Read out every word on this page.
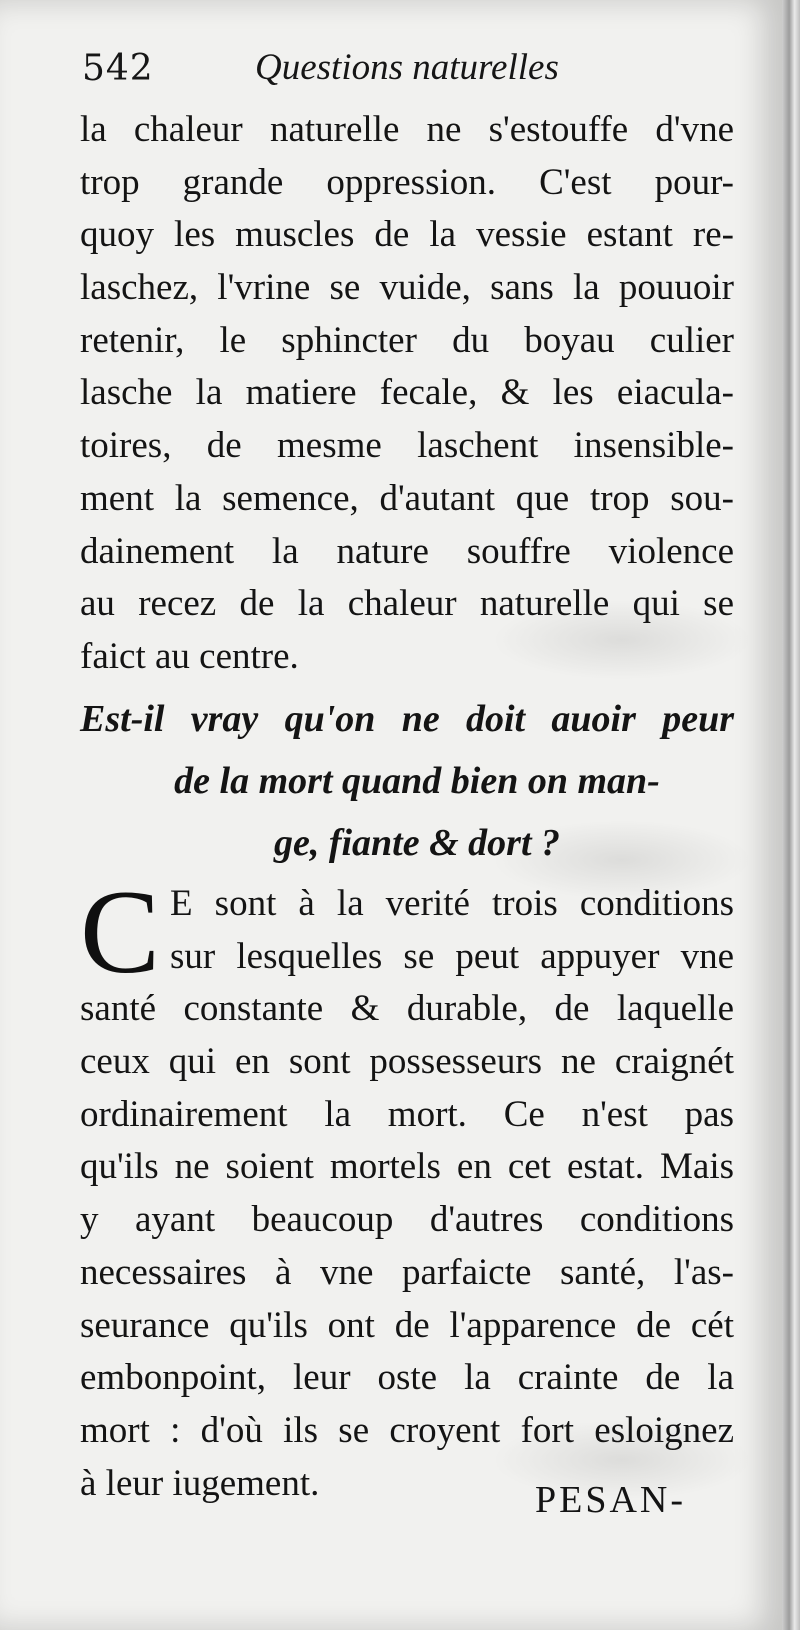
542	Questions naturelles
la chaleur naturelle ne s'estouffe d'vne
trop grande oppression. C'est pour-
quoy les muscles de la vessie estant re-
laschez, l'vrine se vuide, sans la pouuoir
retenir, le sphincter du boyau culier
lasche la matiere fecale, & les eiacula-
toires, de mesme laschent insensible-
ment la semence, d'autant que trop sou-
dainement la nature souffre violence
au recez de la chaleur naturelle qui se
faict au centre.
Est-il vray qu'on ne doit auoir peur
de la mort quand bien on man-
ge, fiante & dort ?
C E sont à la verité trois conditions
sur lesquelles se peut appuyer vne
santé constante & durable, de laquelle
ceux qui en sont possesseurs ne craignét
ordinairement la mort. Ce n'est pas
qu'ils ne soient mortels en cet estat. Mais
y ayant beaucoup d'autres conditions
necessaires à vne parfaicte santé, l'as-
seurance qu'ils ont de l'apparence de cét
embonpoint, leur oste la crainte de la
mort : d'où ils se croyent fort esloignez
à leur iugement.	PESAN-
